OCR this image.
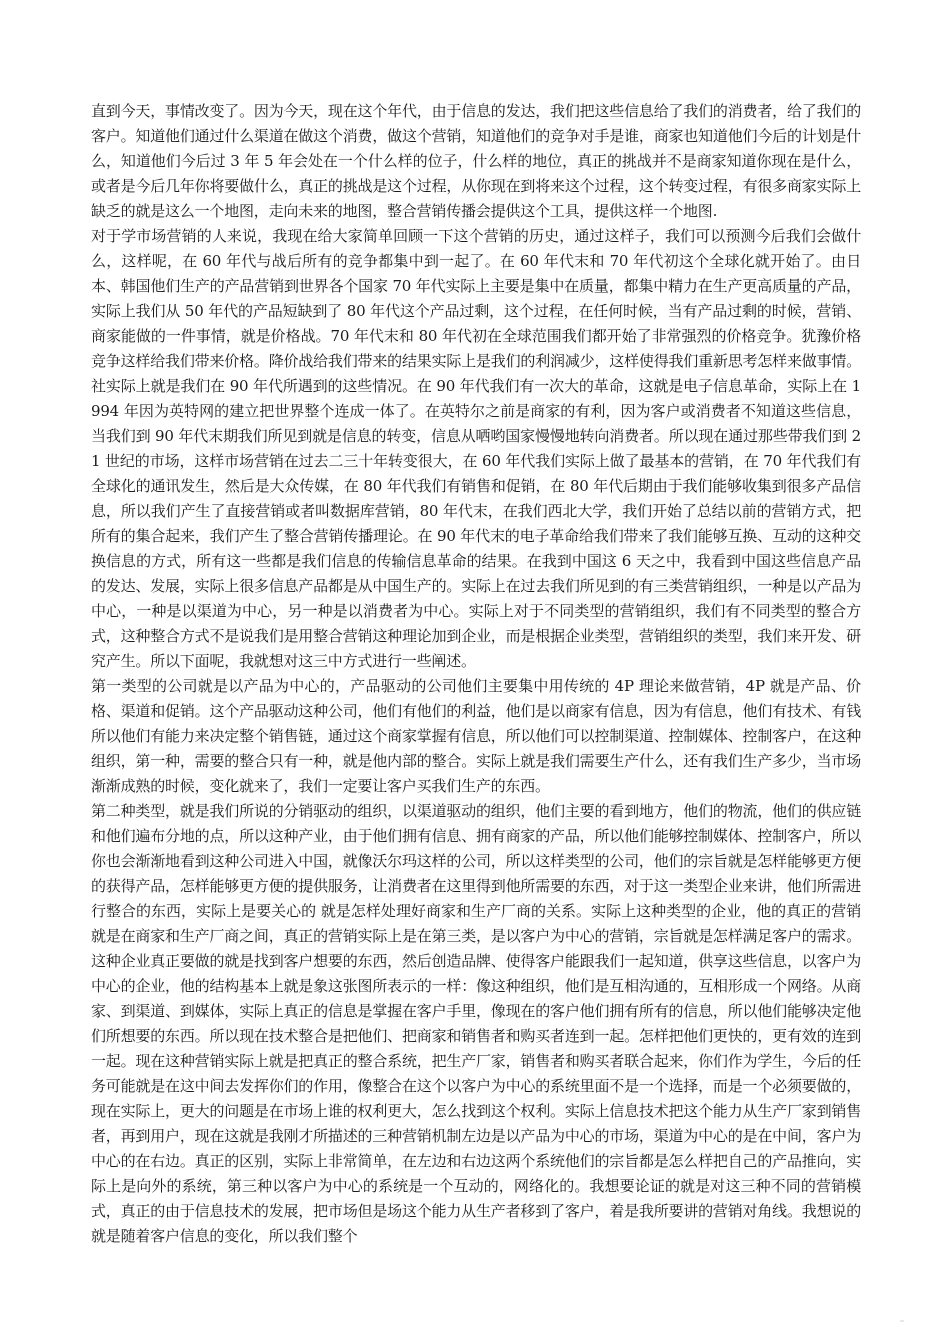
直到今天，事情改变了。因为今天，现在这个年代，由于信息的发达，我们把这些信息给了我们的消费者，给了我们的客户。知道他们通过什么渠道在做这个消费，做这个营销，知道他们的竞争对手是谁，商家也知道他们今后的计划是什么，知道他们今后过 3 年 5 年会处在一个什么样的位子，什么样的地位，真正的挑战并不是商家知道你现在是什么，或者是今后几年你将要做什么，真正的挑战是这个过程，从你现在到将来这个过程，这个转变过程，有很多商家实际上缺乏的就是这么一个地图，走向未来的地图，整合营销传播会提供这个工具，提供这样一个地图.

对于学市场营销的人来说，我现在给大家简单回顾一下这个营销的历史，通过这样子，我们可以预测今后我们会做什么，这样呢，在 60 年代与战后所有的竞争都集中到一起了。在 60 年代末和 70 年代初这个全球化就开始了。由日本、韩国他们生产的产品营销到世界各个国家 70 年代实际上主要是集中在质量，都集中精力在生产更高质量的产品，实际上我们从 50 年代的产品短缺到了 80 年代这个产品过剩，这个过程，在任何时候，当有产品过剩的时候，营销、商家能做的一件事情，就是价格战。70 年代末和 80 年代初在全球范围我们都开始了非常强烈的价格竞争。犹豫价格竞争这样给我们带来价格。降价战给我们带来的结果实际上是我们的利润减少，这样使得我们重新思考怎样来做事情。社实际上就是我们在 90 年代所遇到的这些情况。在 90 年代我们有一次大的革命，这就是电子信息革命，实际上在 1994 年因为英特网的建立把世界整个连成一体了。在英特尔之前是商家的有利，因为客户或消费者不知道这些信息，当我们到 90 年代末期我们所见到就是信息的转变，信息从哂哟国家慢慢地转向消费者。所以现在通过那些带我们到 21 世纪的市场，这样市场营销在过去二三十年转变很大，在 60 年代我们实际上做了最基本的营销，在 70 年代我们有全球化的通讯发生，然后是大众传媒，在 80 年代我们有销售和促销，在 80 年代后期由于我们能够收集到很多产品信息，所以我们产生了直接营销或者叫数据库营销，80 年代末，在我们西北大学，我们开始了总结以前的营销方式，把所有的集合起来，我们产生了整合营销传播理论。在 90 年代末的电子革命给我们带来了我们能够互换、互动的这种交换信息的方式，所有这一些都是我们信息的传输信息革命的结果。在我到中国这 6 天之中，我看到中国这些信息产品的发达、发展，实际上很多信息产品都是从中国生产的。实际上在过去我们所见到的有三类营销组织，一种是以产品为中心，一种是以渠道为中心，另一种是以消费者为中心。实际上对于不同类型的营销组织，我们有不同类型的整合方式，这种整合方式不是说我们是用整合营销这种理论加到企业，而是根据企业类型，营销组织的类型，我们来开发、研究产生。所以下面呢，我就想对这三中方式进行一些阐述。

第一类型的公司就是以产品为中心的，产品驱动的公司他们主要集中用传统的 4P 理论来做营销，4P 就是产品、价格、渠道和促销。这个产品驱动这种公司，他们有他们的利益，他们是以商家有信息，因为有信息，他们有技术、有钱所以他们有能力来决定整个销售链，通过这个商家掌握有信息，所以他们可以控制渠道、控制媒体、控制客户，在这种组织，第一种，需要的整合只有一种，就是他内部的整合。实际上就是我们需要生产什么，还有我们生产多少，当市场渐渐成熟的时候，变化就来了，我们一定要让客户买我们生产的东西。

第二种类型，就是我们所说的分销驱动的组织，以渠道驱动的组织，他们主要的看到地方，他们的物流，他们的供应链和他们遍布分地的点，所以这种产业，由于他们拥有信息、拥有商家的产品，所以他们能够控制媒体、控制客户，所以你也会渐渐地看到这种公司进入中国，就像沃尔玛这样的公司，所以这样类型的公司，他们的宗旨就是怎样能够更方便的获得产品，怎样能够更方便的提供服务，让消费者在这里得到他所需要的东西，对于这一类型企业来讲，他们所需进行整合的东西，实际上是要关心的 就是怎样处理好商家和生产厂商的关系。实际上这种类型的企业，他的真正的营销就是在商家和生产厂商之间，真正的营销实际上是在第三类，是以客户为中心的营销，宗旨就是怎样满足客户的需求。这种企业真正要做的就是找到客户想要的东西，然后创造品牌、使得客户能跟我们一起知道，供享这些信息，以客户为中心的企业，他的结构基本上就是象这张图所表示的一样：像这种组织，他们是互相沟通的，互相形成一个网络。从商家、到渠道、到媒体，实际上真正的信息是掌握在客户手里，像现在的客户他们拥有所有的信息，所以他们能够决定他们所想要的东西。所以现在技术整合是把他们、把商家和销售者和购买者连到一起。怎样把他们更快的，更有效的连到一起。现在这种营销实际上就是把真正的整合系统，把生产厂家，销售者和购买者联合起来，你们作为学生，今后的任务可能就是在这中间去发挥你们的作用，像整合在这个以客户为中心的系统里面不是一个选择，而是一个必须要做的，现在实际上，更大的问题是在市场上谁的权利更大，怎么找到这个权利。实际上信息技术把这个能力从生产厂家到销售者，再到用户，现在这就是我刚才所描述的三种营销机制左边是以产品为中心的市场，渠道为中心的是在中间，客户为中心的在右边。真正的区别，实际上非常简单，在左边和右边这两个系统他们的宗旨都是怎么样把自己的产品推向，实际上是向外的系统，第三种以客户为中心的系统是一个互动的，网络化的。我想要论证的就是对这三种不同的营销模式，真正的由于信息技术的发展，把市场但是场这个能力从生产者移到了客户，着是我所要讲的营销对角线。我想说的就是随着客户信息的变化，所以我们整个
